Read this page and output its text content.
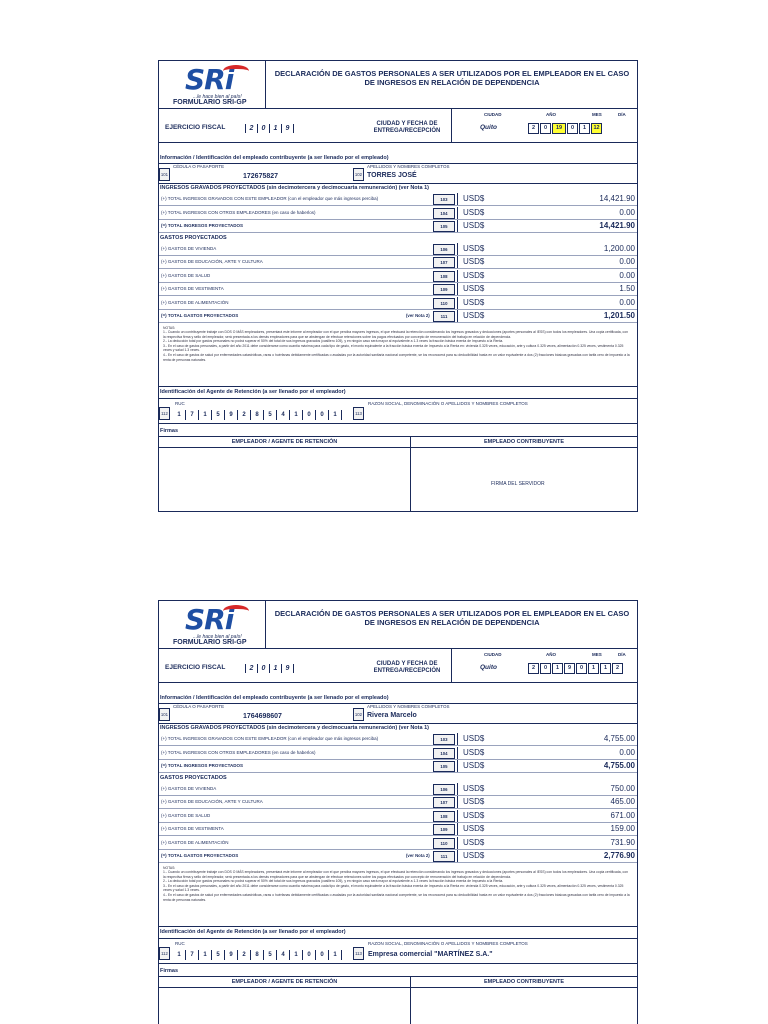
SRi
...le hace bien al país!
FORMULARIO SRI-GP
DECLARACIÓN DE GASTOS PERSONALES A SER UTILIZADOS POR EL EMPLEADOR EN EL CASO DE INGRESOS EN RELACIÓN DE DEPENDENCIA
EJERCICIO FISCAL	2	0	1	9
CIUDAD Y FECHA DE ENTREGA/RECEPCIÓN
CIUDAD	AÑO	MES	DÍA
Quito	2	0	19	0	1	12
Información / Identificación del empleado contribuyente (a ser llenado por el empleado)
101
CÉDULA O PASAPORTE
172675827	102
APELLIDOS Y NOMBRES COMPLETOS
TORRES JOSÉ
INGRESOS GRAVADOS PROYECTADOS (sin decimotercera y decimocuarta remuneración) (ver Nota 1)
(+) TOTAL INGRESOS GRAVADOS CON ESTE EMPLEADOR (con el empleador que más ingresos perciba)	103	USD$	14,421.90
(+) TOTAL INGRESOS CON OTROS EMPLEADORES (en caso de haberlos)	104	USD$	0.00
(=) TOTAL INGRESOS PROYECTADOS	105	USD$	14,421.90
GASTOS PROYECTADOS
(+) GASTOS DE VIVIENDA	106	USD$	1,200.00
(+) GASTOS DE EDUCACIÓN, ARTE Y CULTURA	107	USD$	0.00
(+) GASTOS DE SALUD	108	USD$	0.00
(+) GASTOS DE VESTIMENTA	109	USD$	1.50
(+) GASTOS DE ALIMENTACIÓN	110	USD$	0.00
(=) TOTAL GASTOS PROYECTADOS	(ver Nota 2)	111	USD$	1,201.50
NOTAS:
1.- Cuando un contribuyente trabaje con DOS O MÁS empleadores, presentará este informe al empleador con el que perciba mayores ingresos, el que efectuará la retención considerando los ingresos gravados y deducciones (aportes personales al IESS) con todos los empleadores. Una copia certificada, con la respectiva firma y sello del empleador, será presentada a los demás empleadores para que se abstengan de efectuar retenciones sobre los pagos efectuados por concepto de remuneración del trabajo en relación de dependencia.
2.- La deducción total por gastos personales no podrá superar el 50% del total de sus ingresos gravados (casillero 105), y en ningún caso será mayor al equivalente a 1.3 veces la fracción básica exenta de Impuesto a la Renta.
3.- En el caso de gastos personales, a partir del año 2011 debe considerarse como cuantía máxima para cada tipo de gasto, el monto equivalente a la fracción básica exenta de Impuesto a la Renta en: vivienda 0.325 veces, educación, arte y cultura 0.325 veces, alimentación 0.325 veces, vestimenta 0.325 veces y salud 1.3 veces.
4.- En el caso de gastos de salud por enfermedades catastróficas, raras o huérfanas debidamente certificadas o avaladas por la autoridad sanitaria nacional competente, se los reconocerá para su deducibilidad hasta en un valor equivalente a dos (2) fracciones básicas gravadas con tarifa cero de impuesto a la renta de personas naturales.
Identificación del Agente de Retención (a ser llenado por el empleador)
112
RUC
1	7	1	5	9	2	8	5	4	1	0	0	1	113
RAZON SOCIAL, DENOMINACIÓN O APELLIDOS Y NOMBRES COMPLETOS
Firmas
EMPLEADOR / AGENTE DE RETENCIÓN	EMPLEADO CONTRIBUYENTE
FIRMA DEL SERVIDOR
SRi
...le hace bien al país!
FORMULARIO SRI-GP
DECLARACIÓN DE GASTOS PERSONALES A SER UTILIZADOS POR EL EMPLEADOR EN EL CASO DE INGRESOS EN RELACIÓN DE DEPENDENCIA
EJERCICIO FISCAL	2	0	1	9
CIUDAD Y FECHA DE ENTREGA/RECEPCIÓN
CIUDAD	AÑO	MES	DÍA
Quito	2	0	1	9	0	1	1	2
Información / Identificación del empleado contribuyente (a ser llenado por el empleado)
101
CÉDULA O PASAPORTE
1764698607	102
APELLIDOS Y NOMBRES COMPLETOS
Rivera Marcelo
INGRESOS GRAVADOS PROYECTADOS (sin decimotercera y decimocuarta remuneración) (ver Nota 1)
(+) TOTAL INGRESOS GRAVADOS CON ESTE EMPLEADOR (con el empleador que más ingresos perciba)	103	USD$	4,755.00
(+) TOTAL INGRESOS CON OTROS EMPLEADORES (en caso de haberlos)	104	USD$	0.00
(=) TOTAL INGRESOS PROYECTADOS	105	USD$	4,755.00
GASTOS PROYECTADOS
(+) GASTOS DE VIVIENDA	106	USD$	750.00
(+) GASTOS DE EDUCACIÓN, ARTE Y CULTURA	107	USD$	465.00
(+) GASTOS DE SALUD	108	USD$	671.00
(+) GASTOS DE VESTIMENTA	109	USD$	159.00
(+) GASTOS DE ALIMENTACIÓN	110	USD$	731.90
(=) TOTAL GASTOS PROYECTADOS	(ver Nota 2)	111	USD$	2,776.90
NOTAS:
1.- Cuando un contribuyente trabaje con DOS O MÁS empleadores, presentará este informe al empleador con el que perciba mayores ingresos, el que efectuará la retención considerando los ingresos gravados y deducciones (aportes personales al IESS) con todos los empleadores. Una copia certificada, con la respectiva firma y sello del empleador, será presentada a los demás empleadores para que se abstengan de efectuar retenciones sobre los pagos efectuados por concepto de remuneración del trabajo en relación de dependencia.
2.- La deducción total por gastos personales no podrá superar el 50% del total de sus ingresos gravados (casillero 105), y en ningún caso será mayor al equivalente a 1.3 veces la fracción básica exenta de Impuesto a la Renta.
3.- En el caso de gastos personales, a partir del año 2011 debe considerarse como cuantía máxima para cada tipo de gasto, el monto equivalente a la fracción básica exenta de Impuesto a la Renta en: vivienda 0.325 veces, educación, arte y cultura 0.325 veces, alimentación 0.325 veces, vestimenta 0.325 veces y salud 1.3 veces.
4.- En el caso de gastos de salud por enfermedades catastróficas, raras o huérfanas debidamente certificadas o avaladas por la autoridad sanitaria nacional competente, se los reconocerá para su deducibilidad hasta en un valor equivalente a dos (2) fracciones básicas gravadas con tarifa cero de impuesto a la renta de personas naturales.
Identificación del Agente de Retención (a ser llenado por el empleador)
112
RUC
1	7	1	5	9	2	8	5	4	1	0	0	1	113
RAZON SOCIAL, DENOMINACIÓN O APELLIDOS Y NOMBRES COMPLETOS
Empresa comercial "MARTÍNEZ S.A."
Firmas
EMPLEADOR / AGENTE DE RETENCIÓN	EMPLEADO CONTRIBUYENTE
